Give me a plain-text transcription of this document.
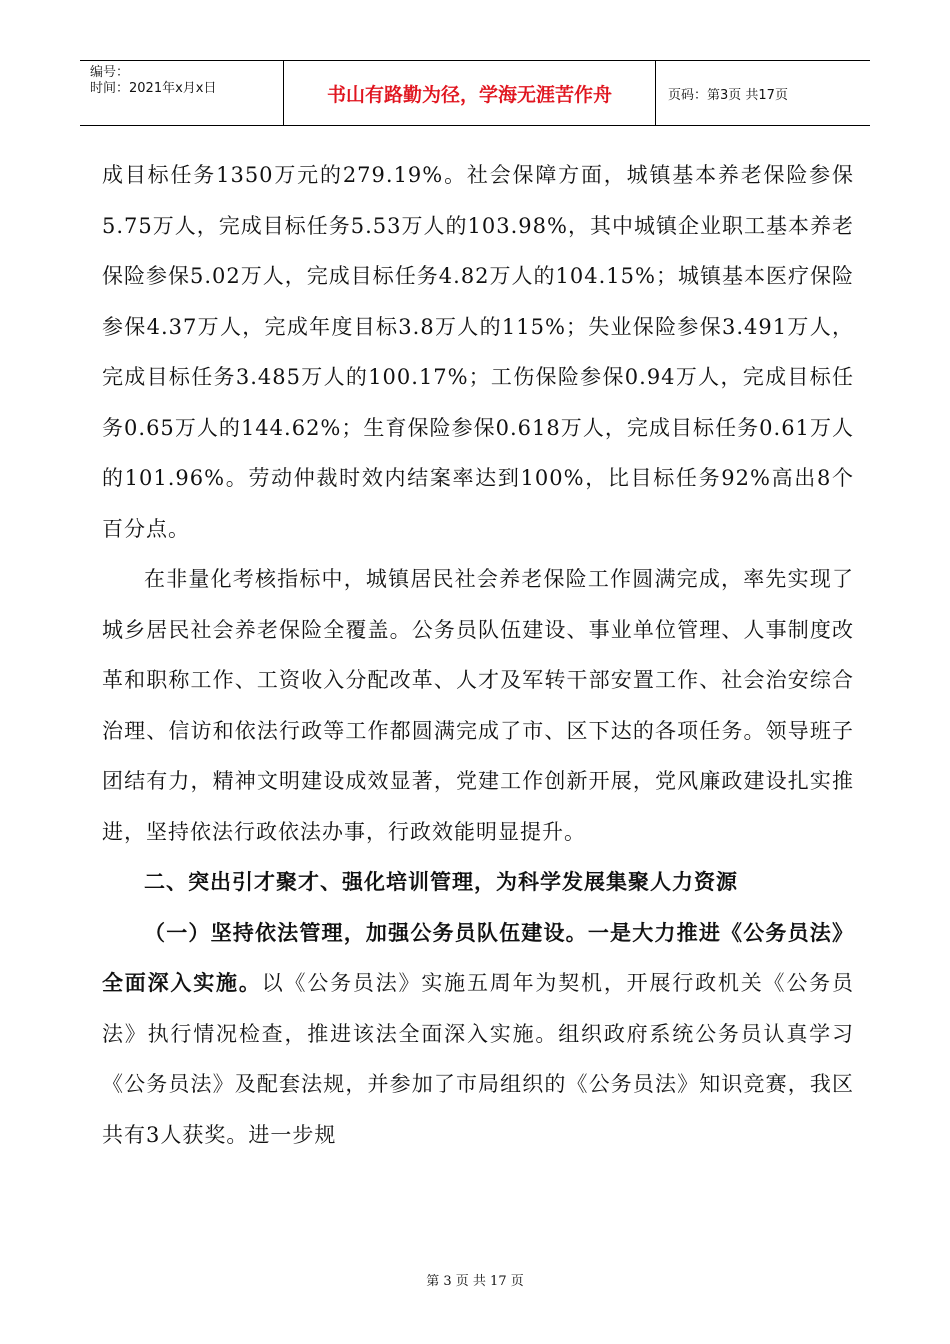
编号：
时间：2021年x月x日	书山有路勤为径，学海无涯苦作舟	页码：第3页 共17页

成目标任务1350万元的279.19%。社会保障方面，城镇基本养老保险参保5.75万人，完成目标任务5.53万人的103.98%，其中城镇企业职工基本养老保险参保5.02万人，完成目标任务4.82万人的104.15%；城镇基本医疗保险参保4.37万人，完成年度目标3.8万人的115%；失业保险参保3.491万人，完成目标任务3.485万人的100.17%；工伤保险参保0.94万人，完成目标任务0.65万人的144.62%；生育保险参保0.618万人，完成目标任务0.61万人的101.96%。劳动仲裁时效内结案率达到100%，比目标任务92%高出8个百分点。

在非量化考核指标中，城镇居民社会养老保险工作圆满完成，率先实现了城乡居民社会养老保险全覆盖。公务员队伍建设、事业单位管理、人事制度改革和职称工作、工资收入分配改革、人才及军转干部安置工作、社会治安综合治理、信访和依法行政等工作都圆满完成了市、区下达的各项任务。领导班子团结有力，精神文明建设成效显著，党建工作创新开展，党风廉政建设扎实推进，坚持依法行政依法办事，行政效能明显提升。

二、突出引才聚才、强化培训管理，为科学发展集聚人力资源

（一）坚持依法管理，加强公务员队伍建设。一是大力推进《公务员法》全面深入实施。以《公务员法》实施五周年为契机，开展行政机关《公务员法》执行情况检查，推进该法全面深入实施。组织政府系统公务员认真学习《公务员法》及配套法规，并参加了市局组织的《公务员法》知识竞赛，我区共有3人获奖。进一步规

第 3 页 共 17 页
